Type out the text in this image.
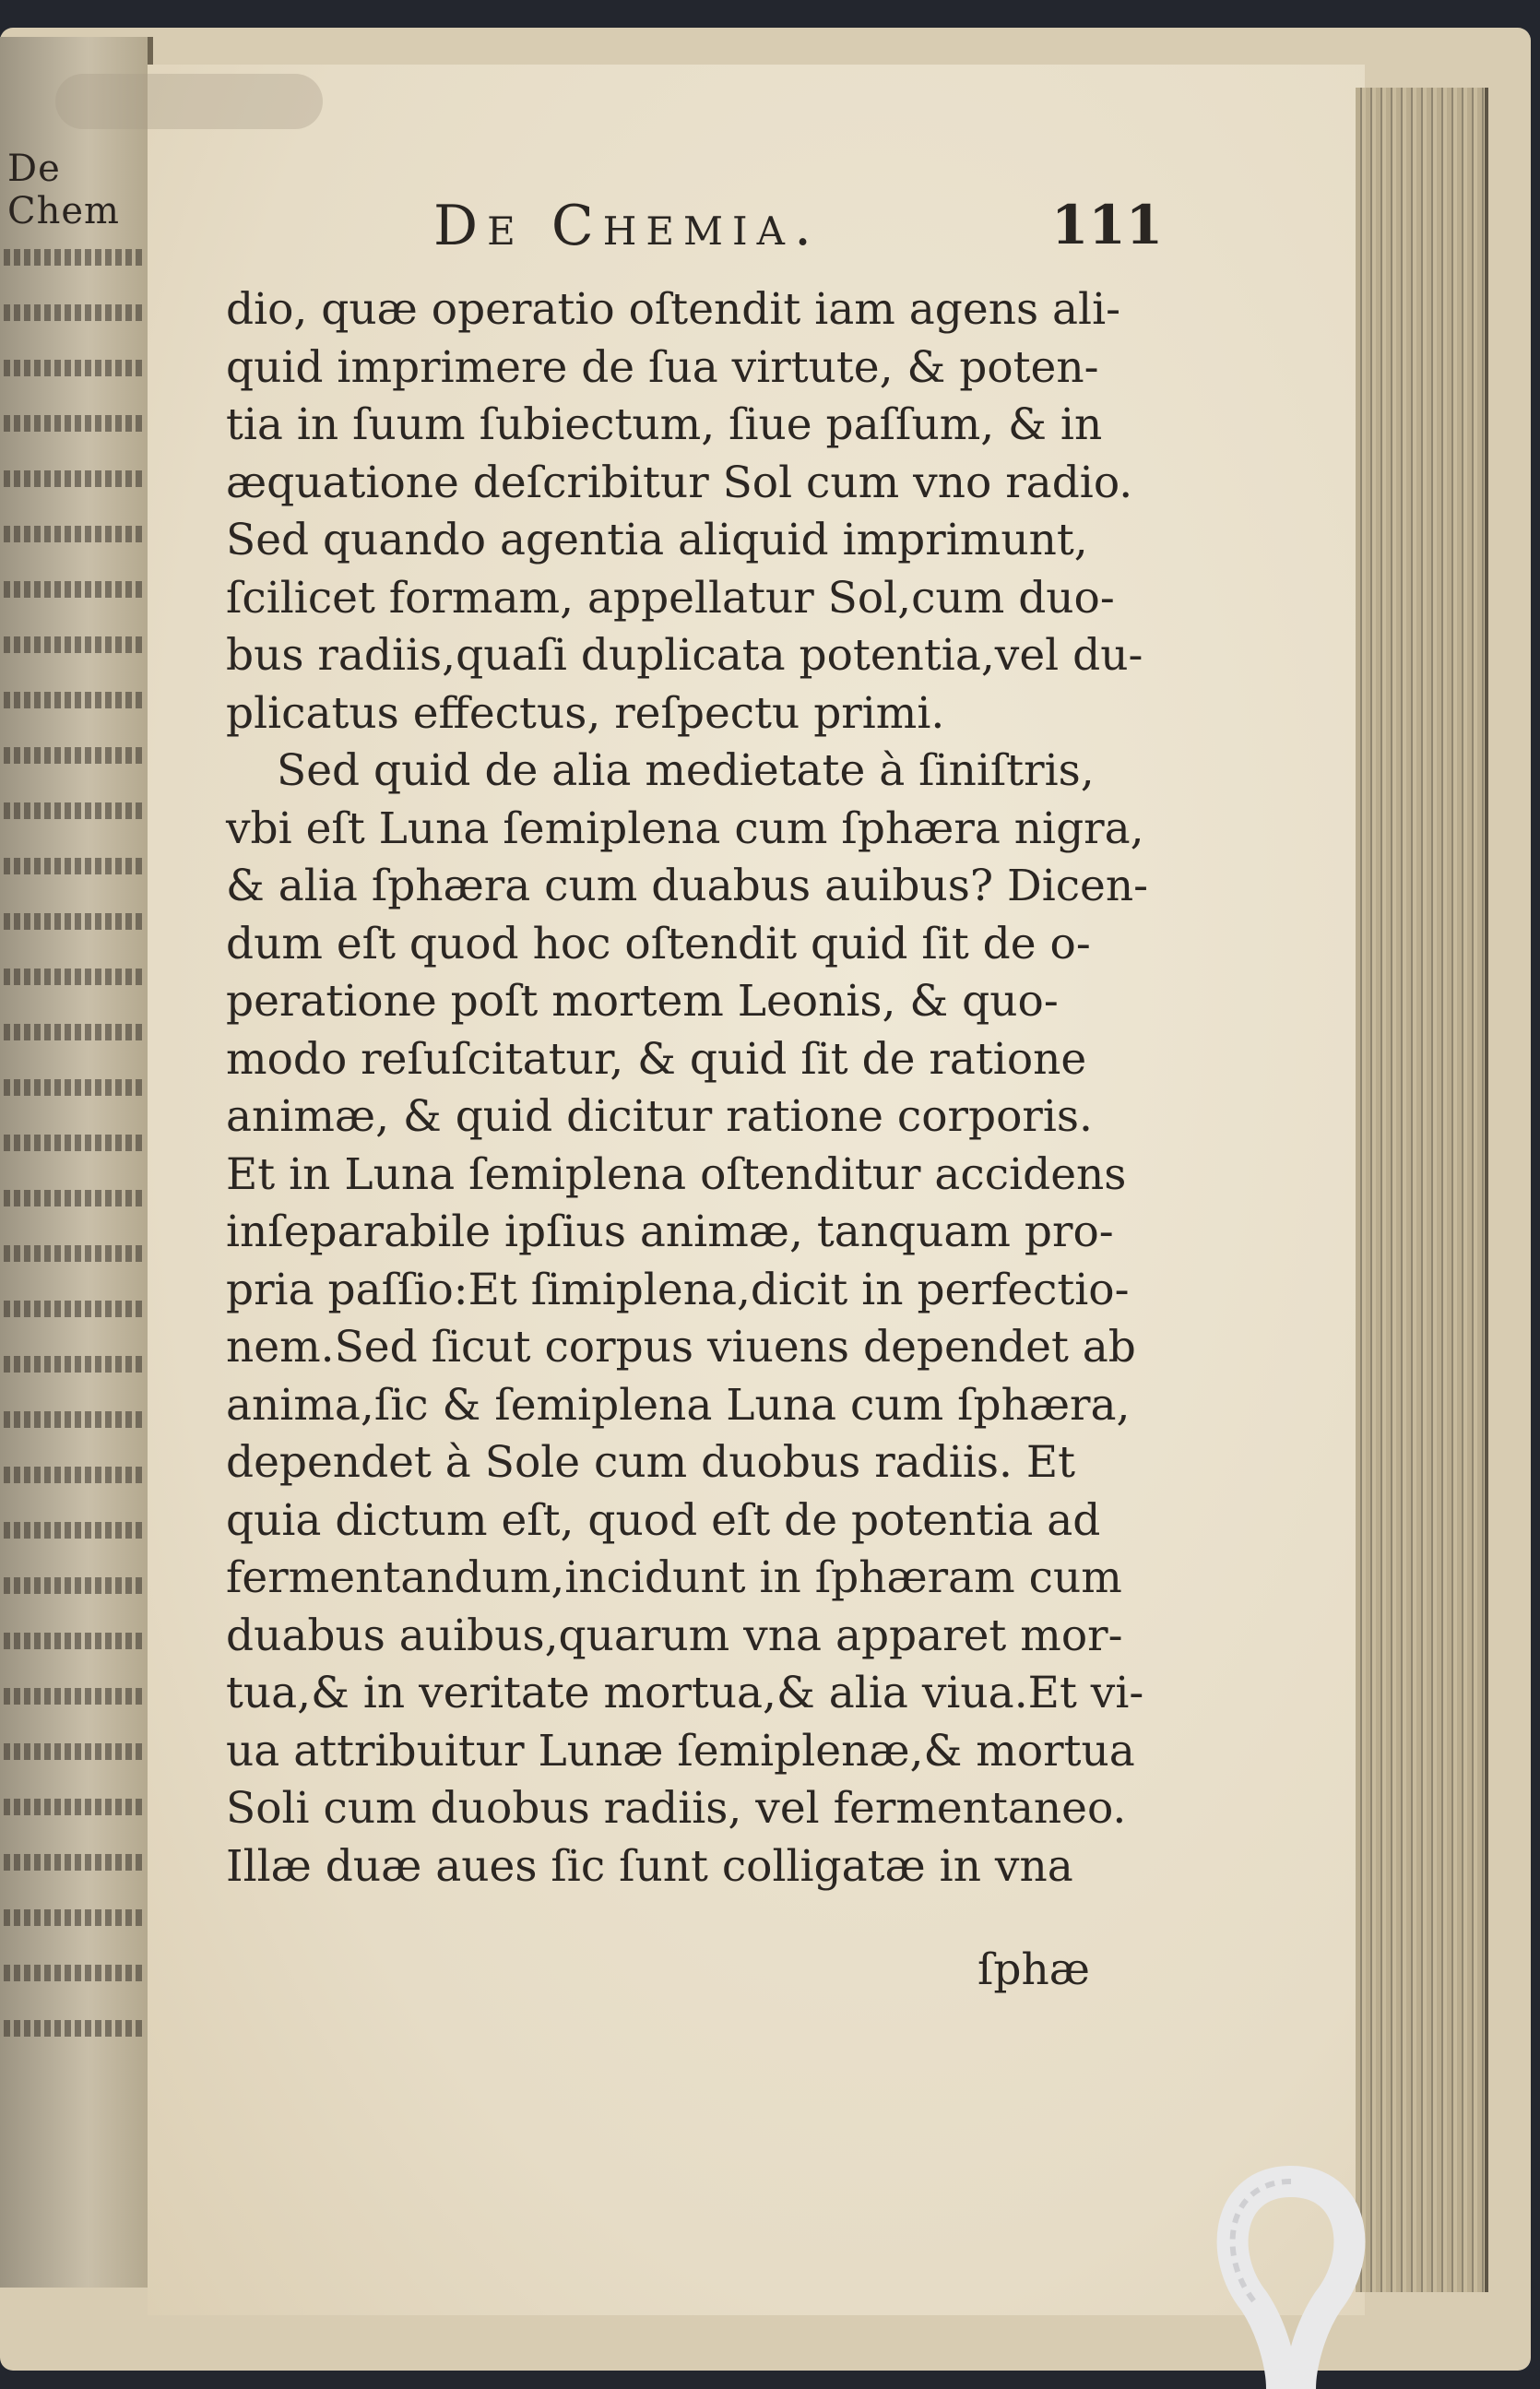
De Chem	De Chemia.	111
dio, quæ operatio oſtendit iam agens ali-
quid imprimere de ſua virtute, & poten-
tia in ſuum ſubiectum, ſiue paſſum, & in
æquatione deſcribitur Sol cum vno radio.
Sed quando agentia aliquid imprimunt,
ſcilicet formam, appellatur Sol,cum duo-
bus radiis,quaſi duplicata potentia,vel du-
plicatus effectus, reſpectu primi.
Sed quid de alia medietate à ſiniſtris,
vbi eſt Luna ſemiplena cum ſphæra nigra,
& alia ſphæra cum duabus auibus? Dicen-
dum eſt quod hoc oſtendit quid ſit de o-
peratione poſt mortem Leonis, & quo-
modo reſuſcitatur, & quid ſit de ratione
animæ, & quid dicitur ratione corporis.
Et in Luna ſemiplena oſtenditur accidens
inſeparabile ipſius animæ, tanquam pro-
pria paſſio:Et ſimiplena,dicit in perfectio-
nem.Sed ſicut corpus viuens dependet ab
anima,ſic & ſemiplena Luna cum ſphæra,
dependet à Sole cum duobus radiis. Et
quia dictum eſt, quod eſt de potentia ad
fermentandum,incidunt in ſphæram cum
duabus auibus,quarum vna apparet mor-
tua,& in veritate mortua,& alia viua.Et vi-
ua attribuitur Lunæ ſemiplenæ,& mortua
Soli cum duobus radiis, vel fermentaneo.
Illæ duæ aues ſic ſunt colligatæ in vna
ſphæ
